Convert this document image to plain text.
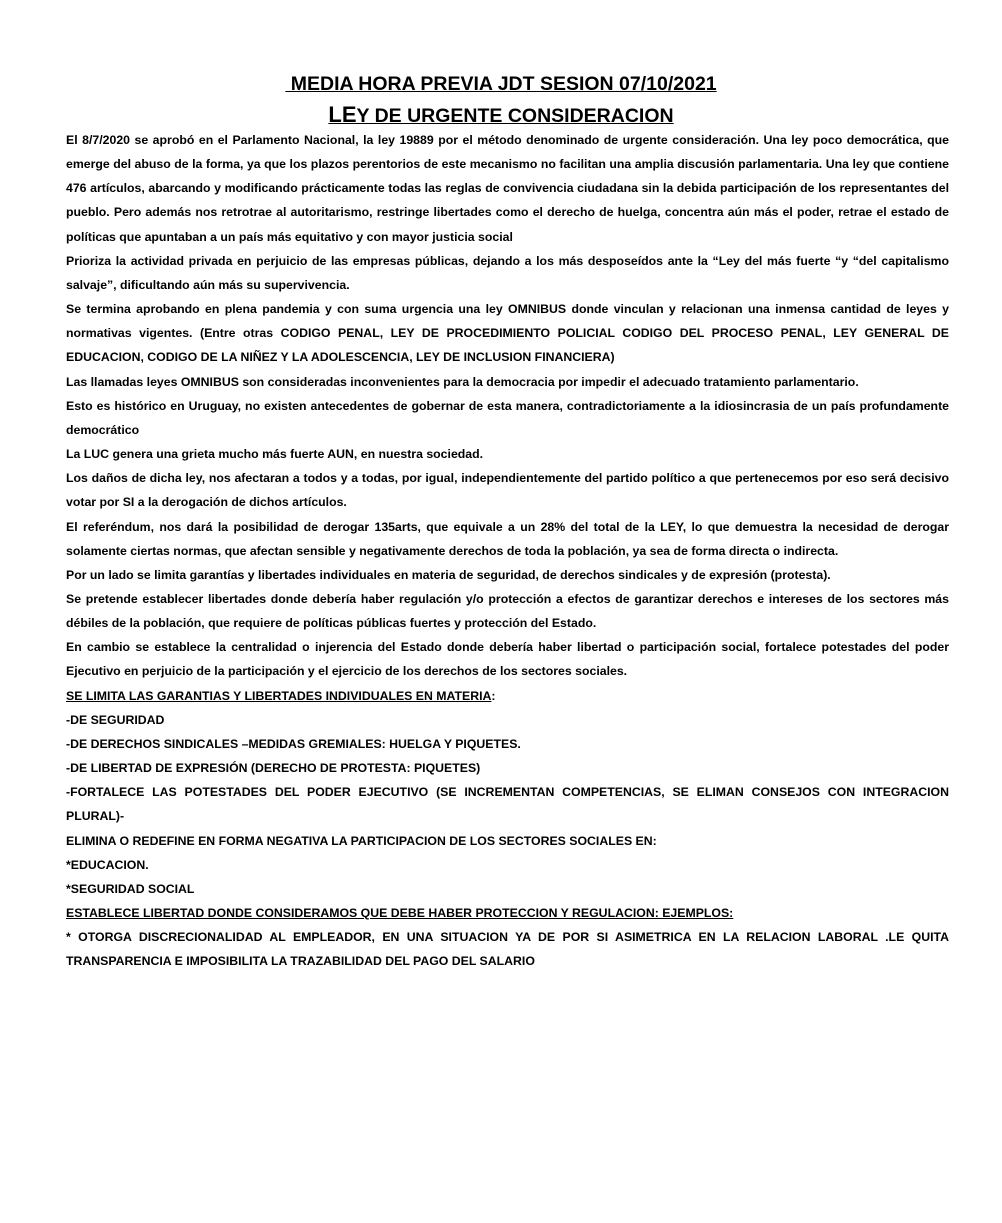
MEDIA HORA PREVIA JDT SESION 07/10/2021
LEY DE URGENTE CONSIDERACION

El 8/7/2020 se aprobó en el Parlamento Nacional, la ley 19889 por el método denominado de urgente consideración. Una ley poco democrática, que emerge del abuso de la forma, ya que los plazos perentorios de este mecanismo no facilitan una amplia discusión parlamentaria. Una ley que contiene 476 artículos, abarcando y modificando prácticamente todas las reglas de convivencia ciudadana sin la debida participación de los representantes del pueblo. Pero además nos retrotrae al autoritarismo, restringe libertades como el derecho de huelga, concentra aún más el poder, retrae el estado de políticas que apuntaban a un país más equitativo y con mayor justicia social

Prioriza la actividad privada en perjuicio de las empresas públicas, dejando a los más desposeídos ante la “Ley del más fuerte “y “del capitalismo salvaje”, dificultando aún más su supervivencia.

Se termina aprobando en plena pandemia y con suma urgencia una ley OMNIBUS donde vinculan y relacionan una inmensa cantidad de leyes y normativas vigentes. (Entre otras CODIGO PENAL, LEY DE PROCEDIMIENTO POLICIAL CODIGO DEL PROCESO PENAL, LEY GENERAL DE EDUCACION, CODIGO DE LA NIÑEZ Y LA ADOLESCENCIA, LEY DE INCLUSION FINANCIERA)

Las llamadas leyes OMNIBUS son consideradas inconvenientes para la democracia por impedir el adecuado tratamiento parlamentario.

Esto es histórico en Uruguay, no existen antecedentes de gobernar de esta manera, contradictoriamente a la idiosincrasia de un país profundamente democrático

La LUC genera una grieta mucho más fuerte AUN, en nuestra sociedad.

Los daños de dicha ley, nos afectaran a todos y a todas, por igual, independientemente del partido político a que pertenecemos por eso será decisivo votar por SI a la derogación de dichos artículos.

El referéndum, nos dará la posibilidad de derogar 135arts, que equivale a un 28% del total de la LEY, lo que demuestra la necesidad de derogar solamente ciertas normas, que afectan sensible y negativamente derechos de toda la población, ya sea de forma directa o indirecta.

Por un lado se limita garantías y libertades individuales en materia de seguridad, de derechos sindicales y de expresión (protesta).

Se pretende establecer libertades donde debería haber regulación y/o protección a efectos de garantizar derechos e intereses de los sectores más débiles de la población, que requiere de políticas públicas fuertes y protección del Estado.

En cambio se establece la centralidad o injerencia del Estado donde debería haber libertad o participación social, fortalece potestades del poder Ejecutivo en perjuicio de la participación y el ejercicio de los derechos de los sectores sociales.

SE LIMITA LAS GARANTIAS Y LIBERTADES INDIVIDUALES EN MATERIA:

-DE SEGURIDAD

-DE DERECHOS SINDICALES –MEDIDAS GREMIALES: HUELGA Y PIQUETES.

-DE LIBERTAD DE EXPRESIÓN (DERECHO DE PROTESTA: PIQUETES)

-FORTALECE LAS POTESTADES DEL PODER EJECUTIVO (SE INCREMENTAN COMPETENCIAS, SE ELIMAN CONSEJOS CON INTEGRACION PLURAL)-

ELIMINA O REDEFINE EN FORMA NEGATIVA LA PARTICIPACION DE LOS SECTORES SOCIALES EN:

*EDUCACION.

*SEGURIDAD SOCIAL

ESTABLECE LIBERTAD DONDE CONSIDERAMOS QUE DEBE HABER PROTECCION Y REGULACION: EJEMPLOS:

* OTORGA DISCRECIONALIDAD AL EMPLEADOR, EN UNA SITUACION YA DE POR SI ASIMETRICA EN LA RELACION LABORAL .LE QUITA TRANSPARENCIA E IMPOSIBILITA LA TRAZABILIDAD DEL PAGO DEL SALARIO
